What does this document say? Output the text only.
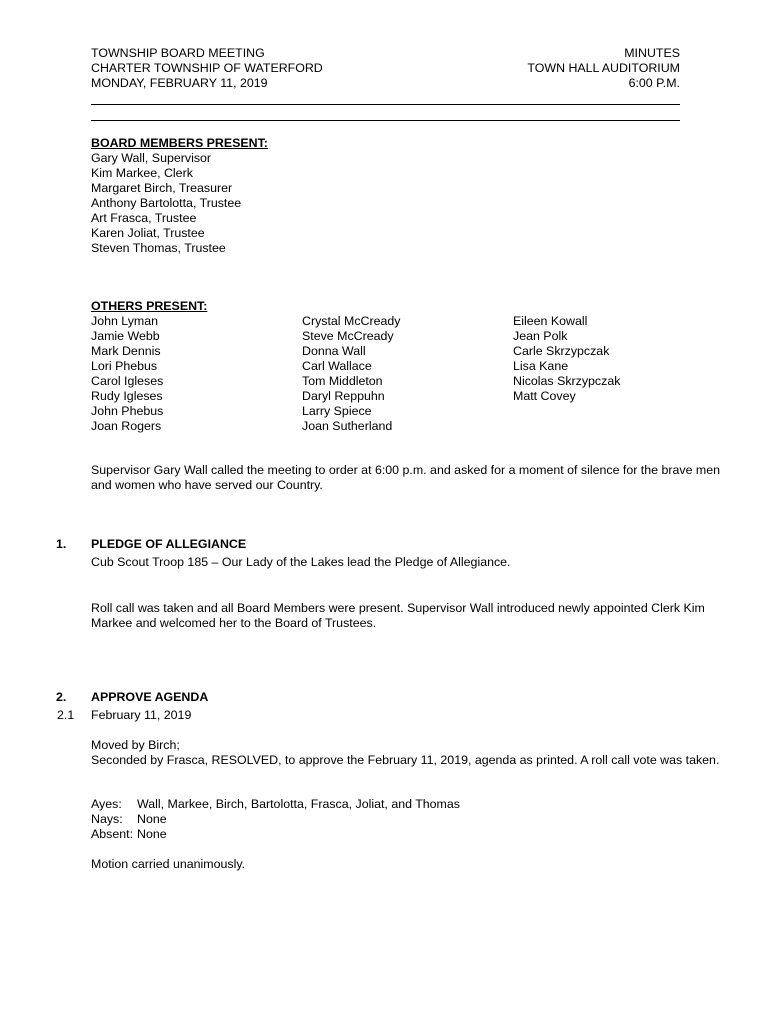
TOWNSHIP BOARD MEETING
CHARTER TOWNSHIP OF WATERFORD
MONDAY, FEBRUARY 11, 2019
MINUTES
TOWN HALL AUDITORIUM
6:00 P.M.
BOARD MEMBERS PRESENT:
Gary Wall, Supervisor
Kim Markee, Clerk
Margaret Birch, Treasurer
Anthony Bartolotta, Trustee
Art Frasca, Trustee
Karen Joliat, Trustee
Steven Thomas, Trustee
OTHERS PRESENT:
John Lyman
Jamie Webb
Mark Dennis
Lori Phebus
Carol Igleses
Rudy Igleses
John Phebus
Joan Rogers
Crystal McCready
Steve McCready
Donna Wall
Carl Wallace
Tom Middleton
Daryl Reppuhn
Larry Spiece
Joan Sutherland
Eileen Kowall
Jean Polk
Carle Skrzypczak
Lisa Kane
Nicolas Skrzypczak
Matt Covey
Supervisor Gary Wall called the meeting to order at 6:00 p.m. and asked for a moment of silence for the brave men and women who have served our Country.
1. PLEDGE OF ALLEGIANCE
Cub Scout Troop 185 – Our Lady of the Lakes lead the Pledge of Allegiance.
Roll call was taken and all Board Members were present. Supervisor Wall introduced newly appointed Clerk Kim Markee and welcomed her to the Board of Trustees.
2. APPROVE AGENDA
2.1 February 11, 2019
Moved by Birch;
Seconded by Frasca, RESOLVED, to approve the February 11, 2019, agenda as printed. A roll call vote was taken.
Ayes: Wall, Markee, Birch, Bartolotta, Frasca, Joliat, and Thomas
Nays: None
Absent: None
Motion carried unanimously.
